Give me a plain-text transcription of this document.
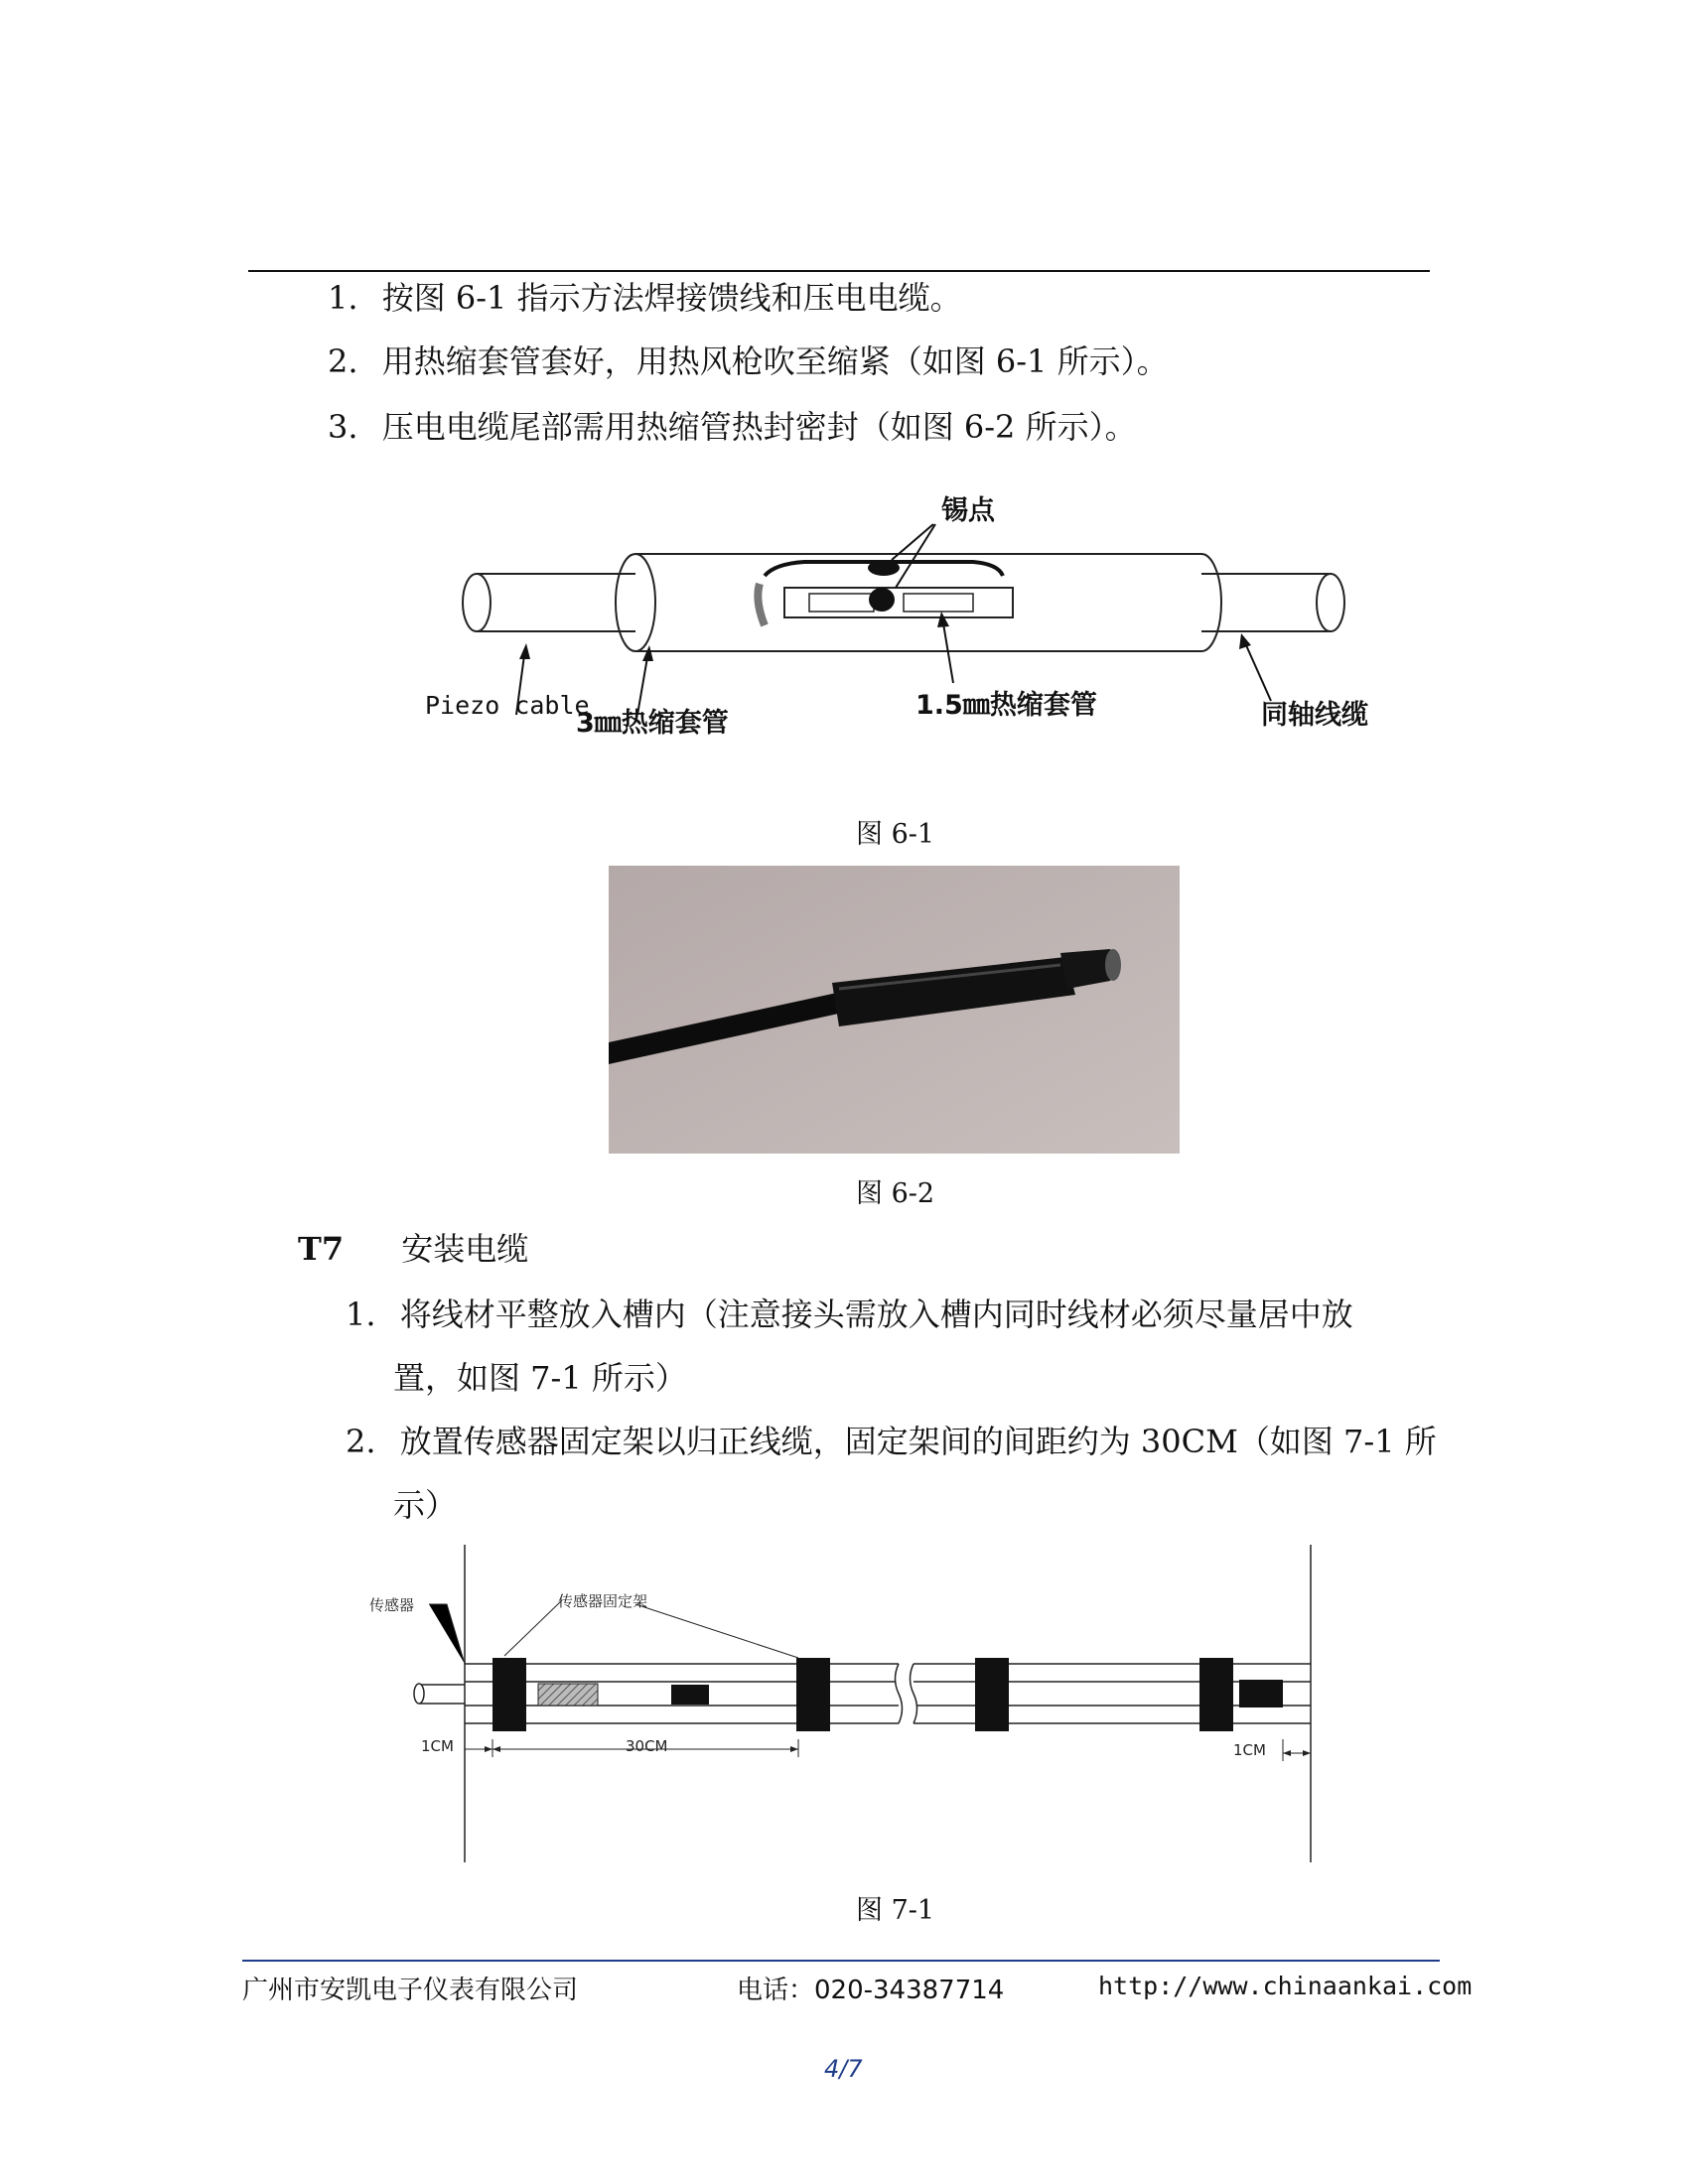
1. 按图 6-1 指示方法焊接馈线和压电电缆。
2. 用热缩套管套好，用热风枪吹至缩紧（如图 6-1 所示）。
3. 压电电缆尾部需用热缩管热封密封（如图 6-2 所示）。
锡点
Piezo cable
3㎜热缩套管
1.5㎜热缩套管	同轴线缆
图 6-1
图 6-2
T7 安装电缆
1. 将线材平整放入槽内（注意接头需放入槽内同时线材必须尽量居中放
置，如图 7-1 所示）
2. 放置传感器固定架以归正线缆，固定架间的间距约为 30CM（如图 7-1 所
示）
传感器	传感器固定架
1CM	30CM	1CM
图 7-1
广州市安凯电子仪表有限公司	电话：020-34387714	http://www.chinaankai.com
4/7
